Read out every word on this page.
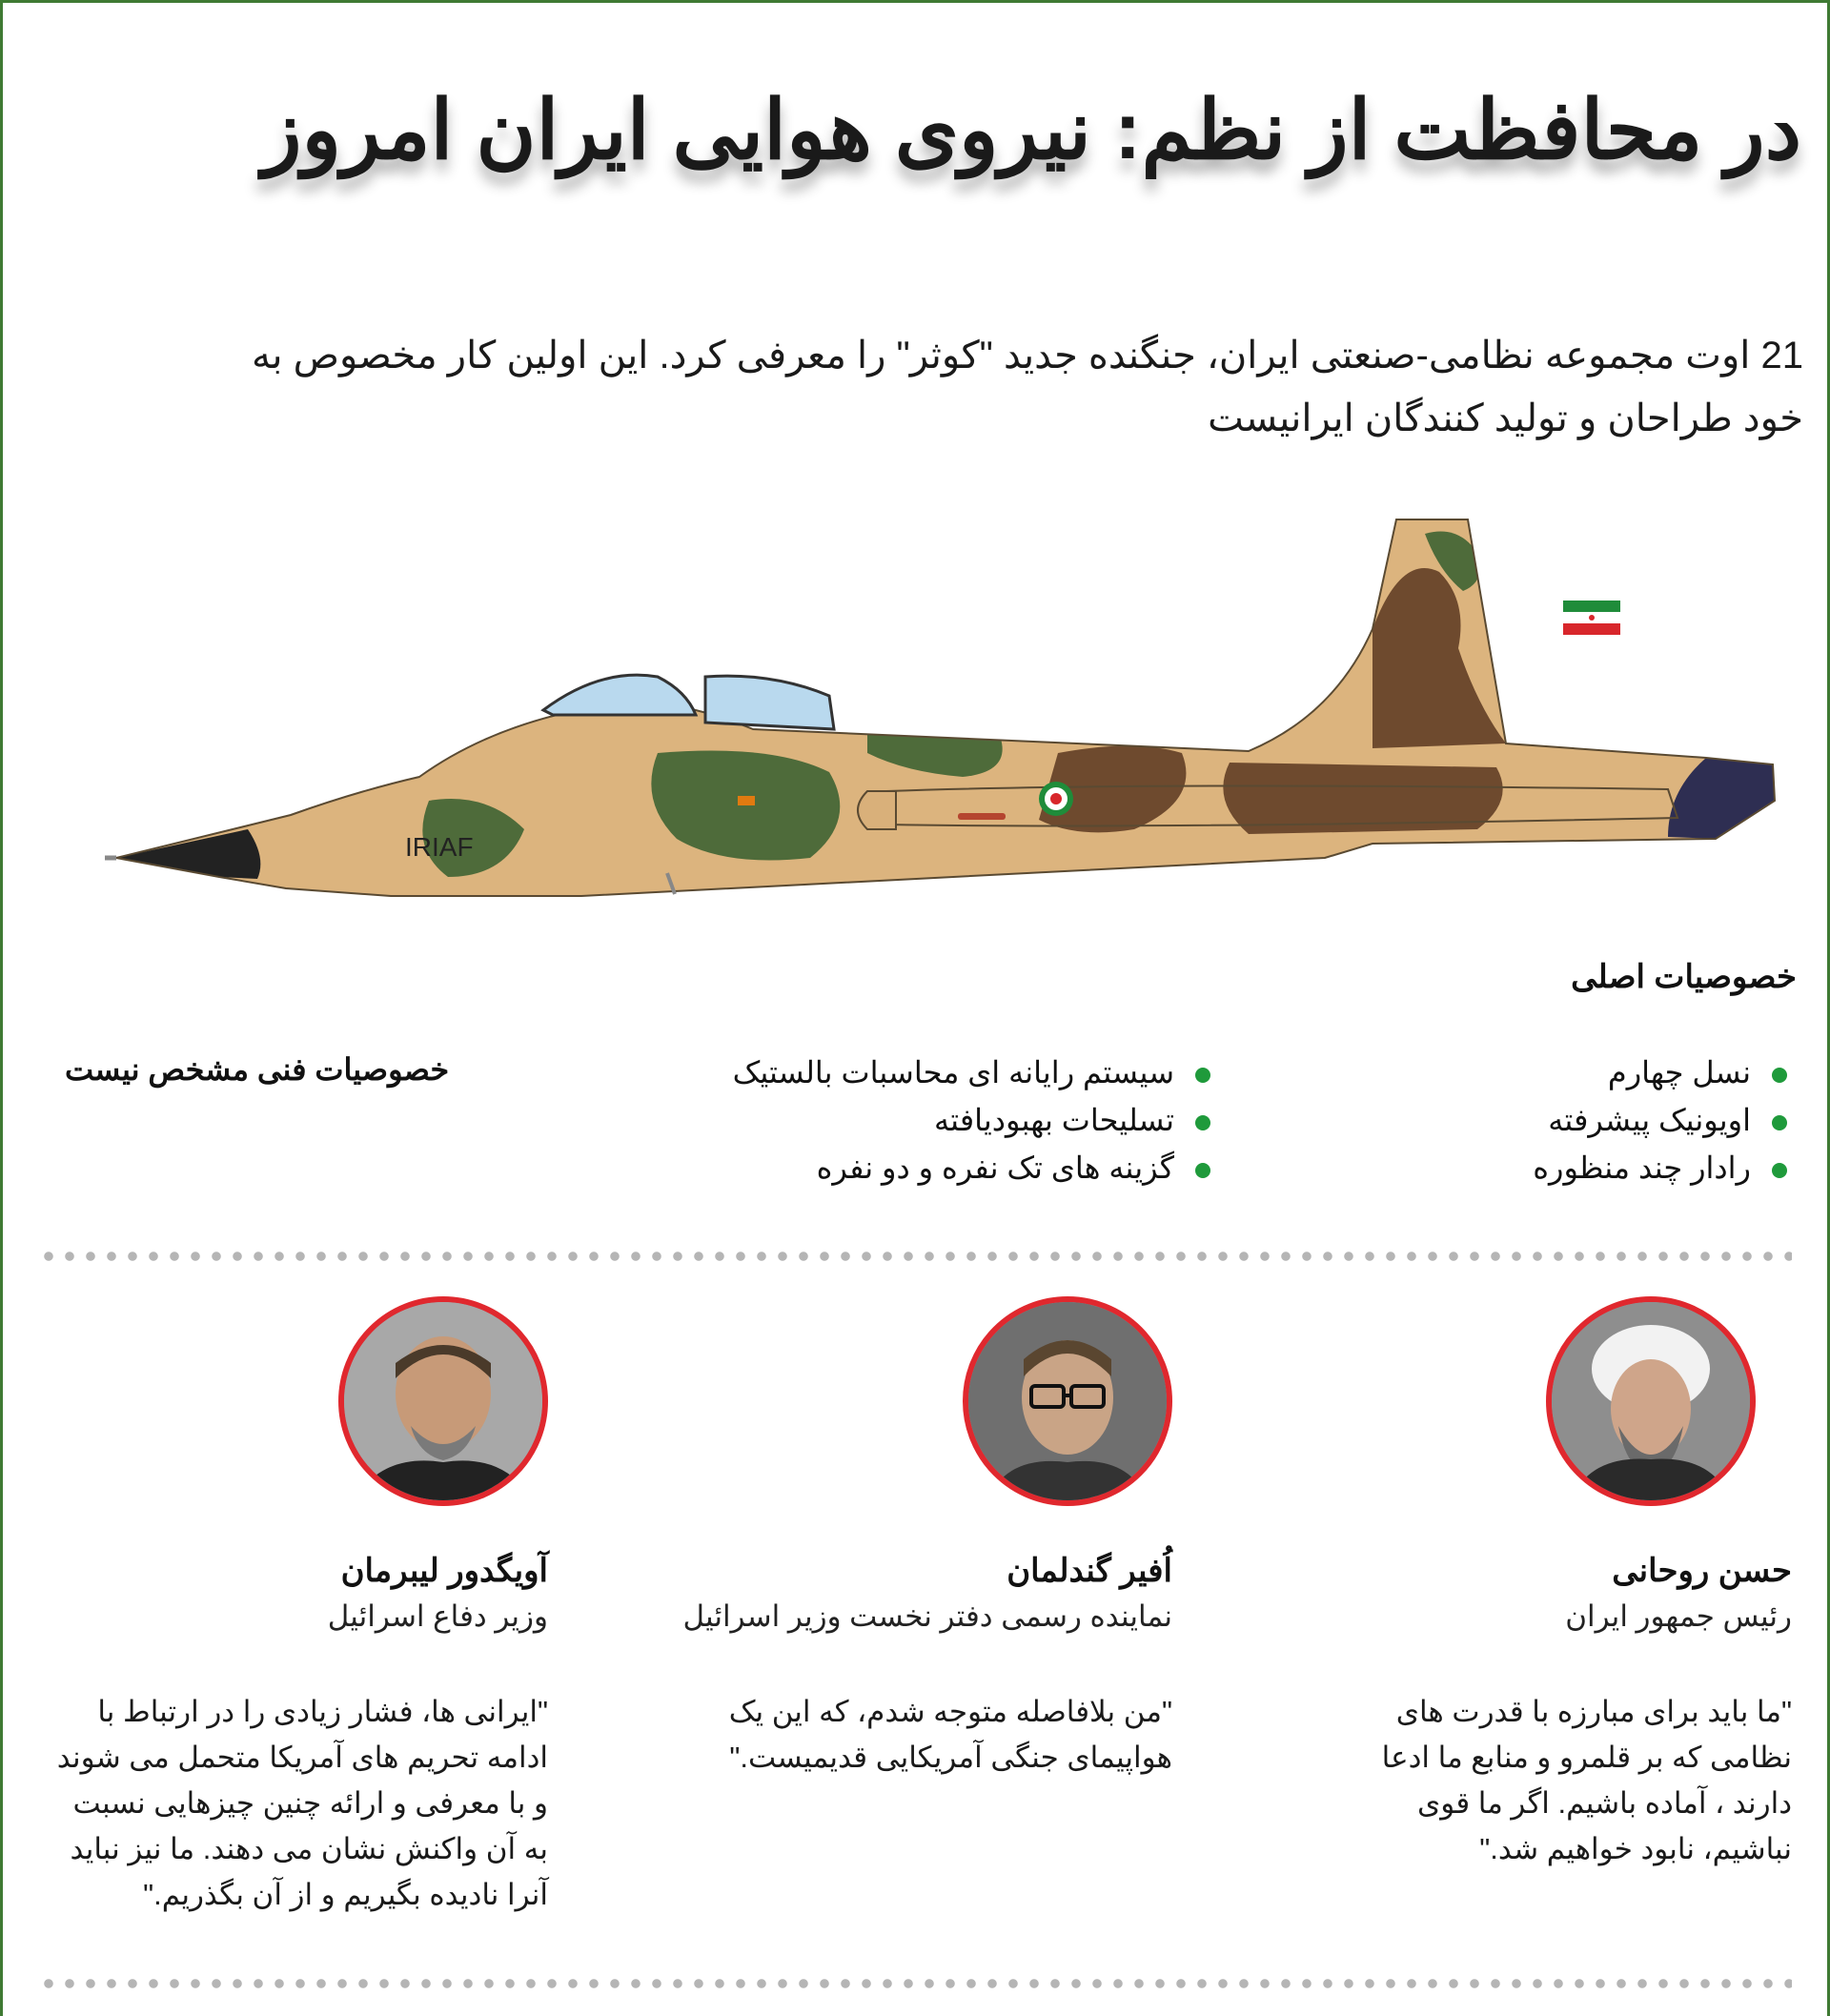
در محافظت از نظم: نیروی هوایی ایران امروز
21 اوت مجموعه نظامی-صنعتی ایران، جنگنده جدید "کوثر" را معرفی کرد. این اولین کار مخصوص به
خود طراحان و تولید کنندگان ایرانیست
IRIAF
خصوصیات اصلی
نسل چهارم
اویونیک پیشرفته
رادار چند منظوره
سیستم رایانه ای محاسبات بالستیک
تسلیحات بهبودیافته
گزینه های تک نفره و دو نفره
خصوصیات فنی مشخص نیست
حسن روحانی
رئیس جمهور ایران
"ما باید برای مبارزه با قدرت های
نظامی که بر قلمرو و منابع ما ادعا
دارند ، آماده باشیم. اگر ما قوی
نباشیم، نابود خواهیم شد."
اُفیر گندلمان
نماینده رسمی دفتر نخست وزیر اسرائیل
"من بلافاصله متوجه شدم، که این یک
هواپیمای جنگی آمریکایی قدیمیست."
آویگدور لیبرمان
وزیر دفاع اسرائیل
"ایرانی ها، فشار زیادی را در ارتباط با
ادامه تحریم های آمریکا متحمل می شوند
و با معرفی و ارائه چنین چیزهایی نسبت
به آن واکنش نشان می دهند. ما نیز نباید
آنرا نادیده بگیریم و از آن بگذریم."
